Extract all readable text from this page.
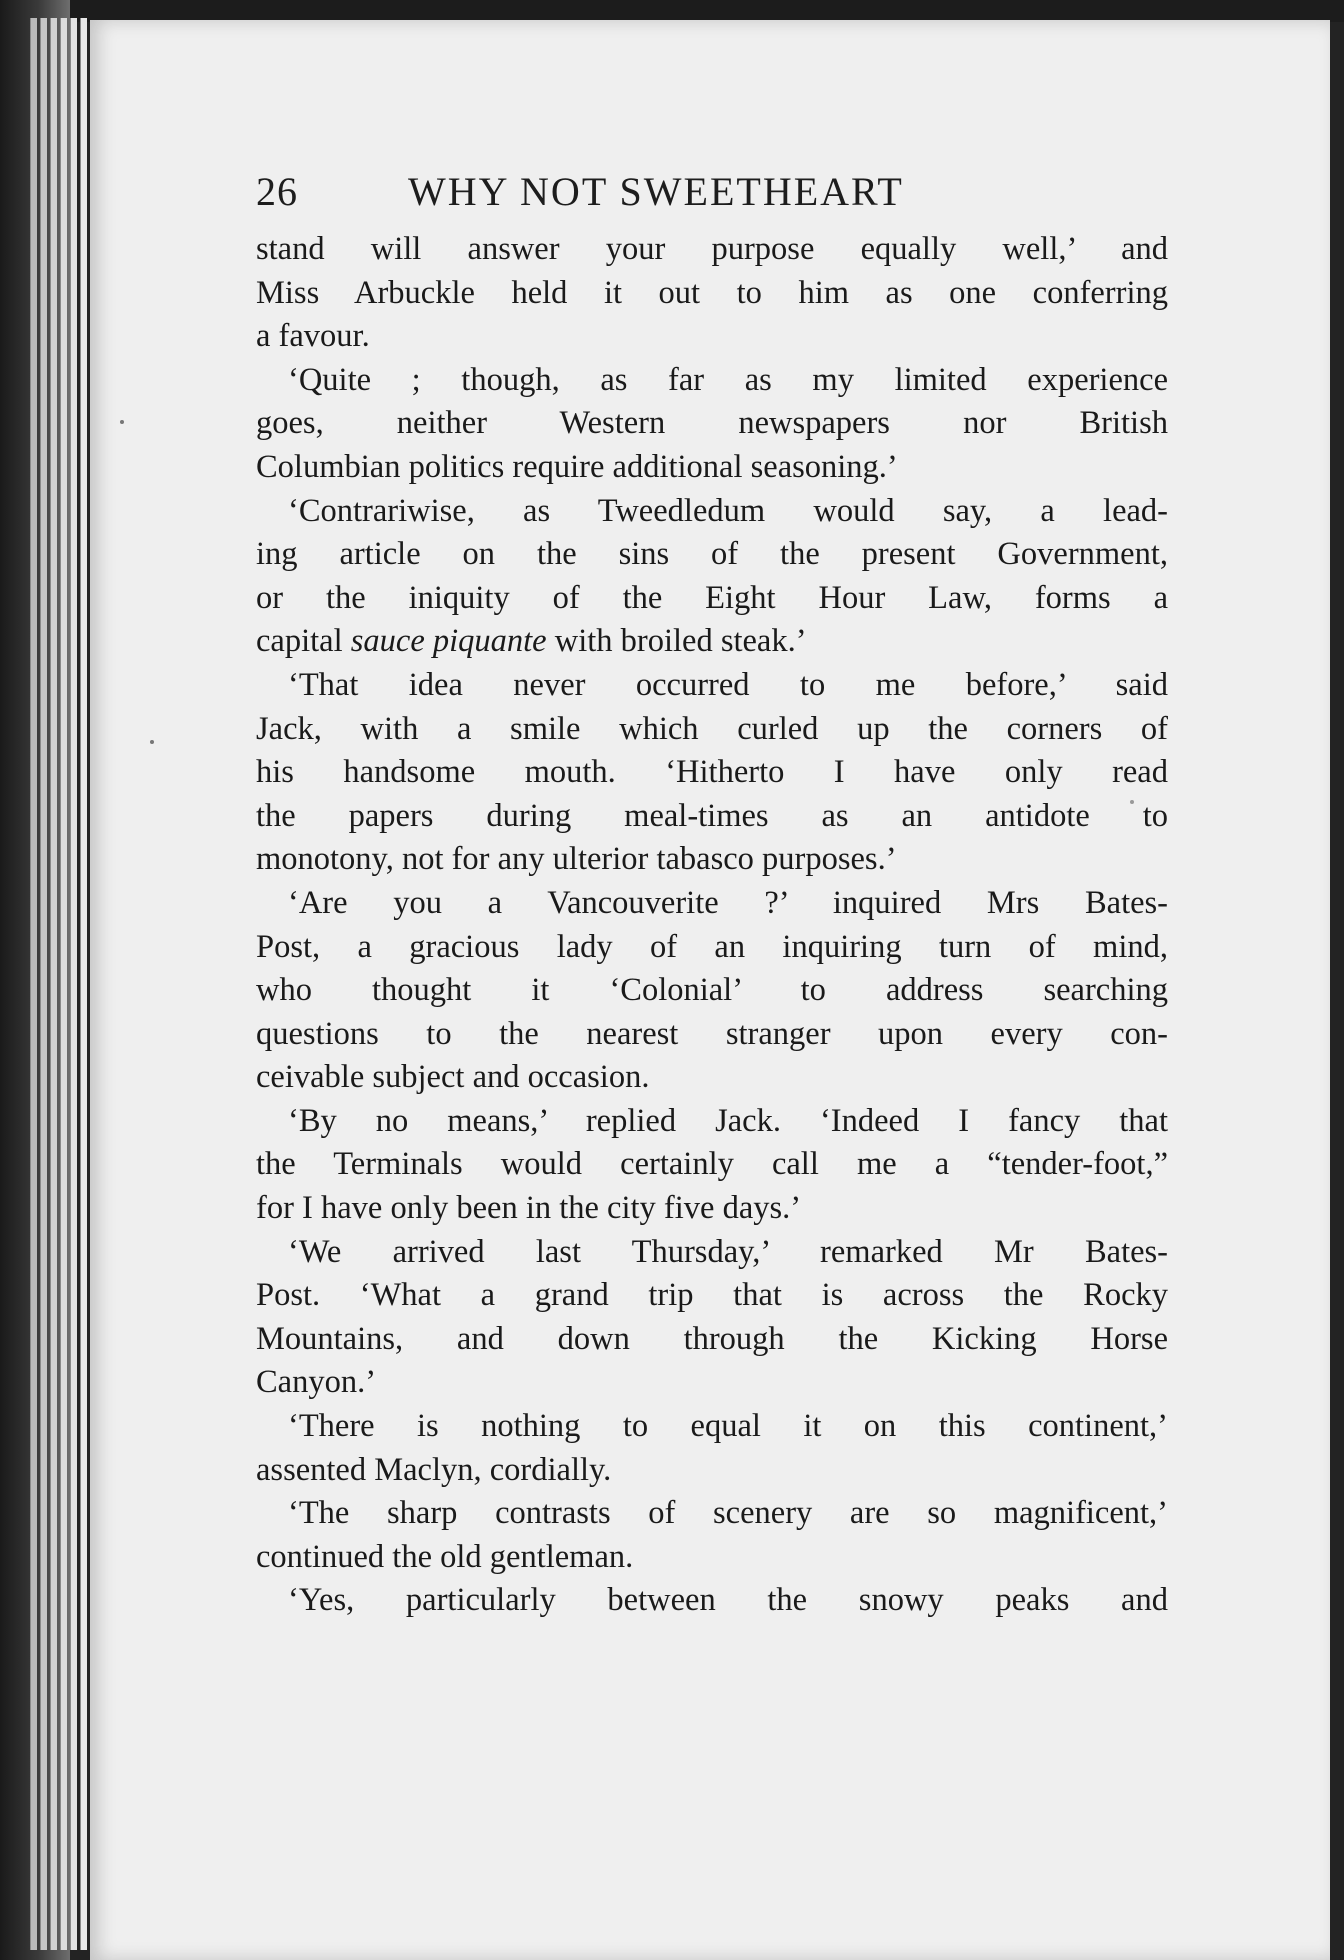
26	WHY NOT SWEETHEART
stand will answer your purpose equally well,’ and
Miss Arbuckle held it out to him as one conferring
a favour.
‘Quite ; though, as far as my limited experience
goes, neither Western newspapers nor British
Columbian politics require additional seasoning.’
‘Contrariwise, as Tweedledum would say, a lead-
ing article on the sins of the present Government,
or the iniquity of the Eight Hour Law, forms a
capital sauce piquante with broiled steak.’
‘That idea never occurred to me before,’ said
Jack, with a smile which curled up the corners of
his handsome mouth. ‘Hitherto I have only read
the papers during meal-times as an antidote to
monotony, not for any ulterior tabasco purposes.’
‘Are you a Vancouverite ?’ inquired Mrs Bates-
Post, a gracious lady of an inquiring turn of mind,
who thought it ‘Colonial’ to address searching
questions to the nearest stranger upon every con-
ceivable subject and occasion.
‘By no means,’ replied Jack. ‘Indeed I fancy that
the Terminals would certainly call me a “tender-foot,”
for I have only been in the city five days.’
‘We arrived last Thursday,’ remarked Mr Bates-
Post. ‘What a grand trip that is across the Rocky
Mountains, and down through the Kicking Horse
Canyon.’
‘There is nothing to equal it on this continent,’
assented Maclyn, cordially.
‘The sharp contrasts of scenery are so magnificent,’
continued the old gentleman.
‘Yes, particularly between the snowy peaks and
